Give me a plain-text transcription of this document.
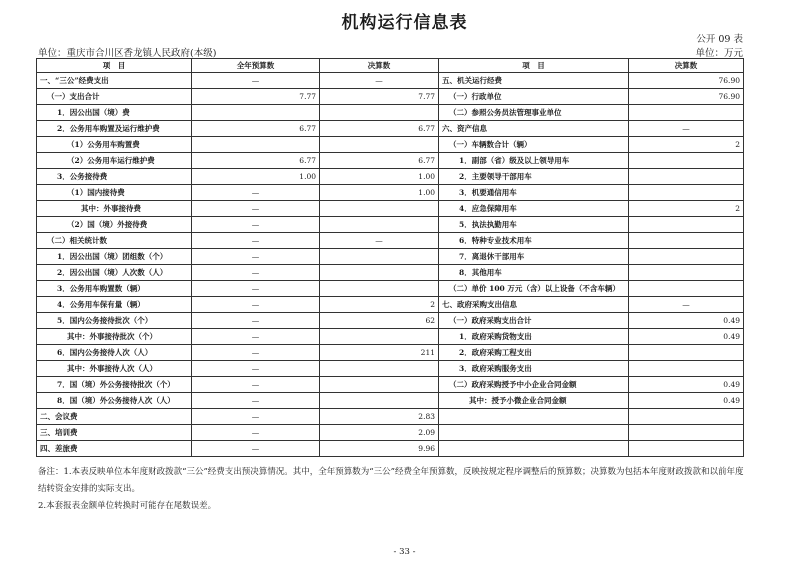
机构运行信息表
公开 09 表
单位：重庆市合川区香龙镇人民政府(本级)	单位：万元
项　目	全年预算数	决算数	项　目	决算数
一、“三公”经费支出	—	—	五、机关运行经费	76.90
（一）支出合计	7.77	7.77	（一）行政单位	76.90
1．因公出国（境）费			（二）参照公务员法管理事业单位	
2．公务用车购置及运行维护费	6.77	6.77	六、资产信息	—
（1）公务用车购置费			（一）车辆数合计（辆）	2
（2）公务用车运行维护费	6.77	6.77	1．副部（省）级及以上领导用车	
3．公务接待费	1.00	1.00	2．主要领导干部用车	
（1）国内接待费	—	1.00	3．机要通信用车	
其中：外事接待费	—		4．应急保障用车	2
（2）国（境）外接待费	—		5．执法执勤用车	
（二）相关统计数	—	—	6．特种专业技术用车	
1．因公出国（境）团组数（个）	—		7．离退休干部用车	
2．因公出国（境）人次数（人）	—		8．其他用车	
3．公务用车购置数（辆）	—		（二）单价 100 万元（含）以上设备（不含车辆）	
4．公务用车保有量（辆）	—	2	七、政府采购支出信息	—
5．国内公务接待批次（个）	—	62	（一）政府采购支出合计	0.49
其中：外事接待批次（个）	—		1．政府采购货物支出	0.49
6．国内公务接待人次（人）	—	211	2．政府采购工程支出	
其中：外事接待人次（人）	—		3．政府采购服务支出	
7．国（境）外公务接待批次（个）	—		（二）政府采购授予中小企业合同金额	0.49
8．国（境）外公务接待人次（人）	—		其中：授予小微企业合同金额	0.49
二、会议费	—	2.83		
三、培训费	—	2.09		
四、差旅费	—	9.96		

备注：1.本表反映单位本年度财政拨款“三公”经费支出预决算情况。其中，全年预算数为“三公”经费全年预算数，反映按规定程序调整后的预算数；决算数为包括本年度财政拨款和以前年度

结转资金安排的实际支出。

2.本套报表金额单位转换时可能存在尾数误差。

- 33 -
